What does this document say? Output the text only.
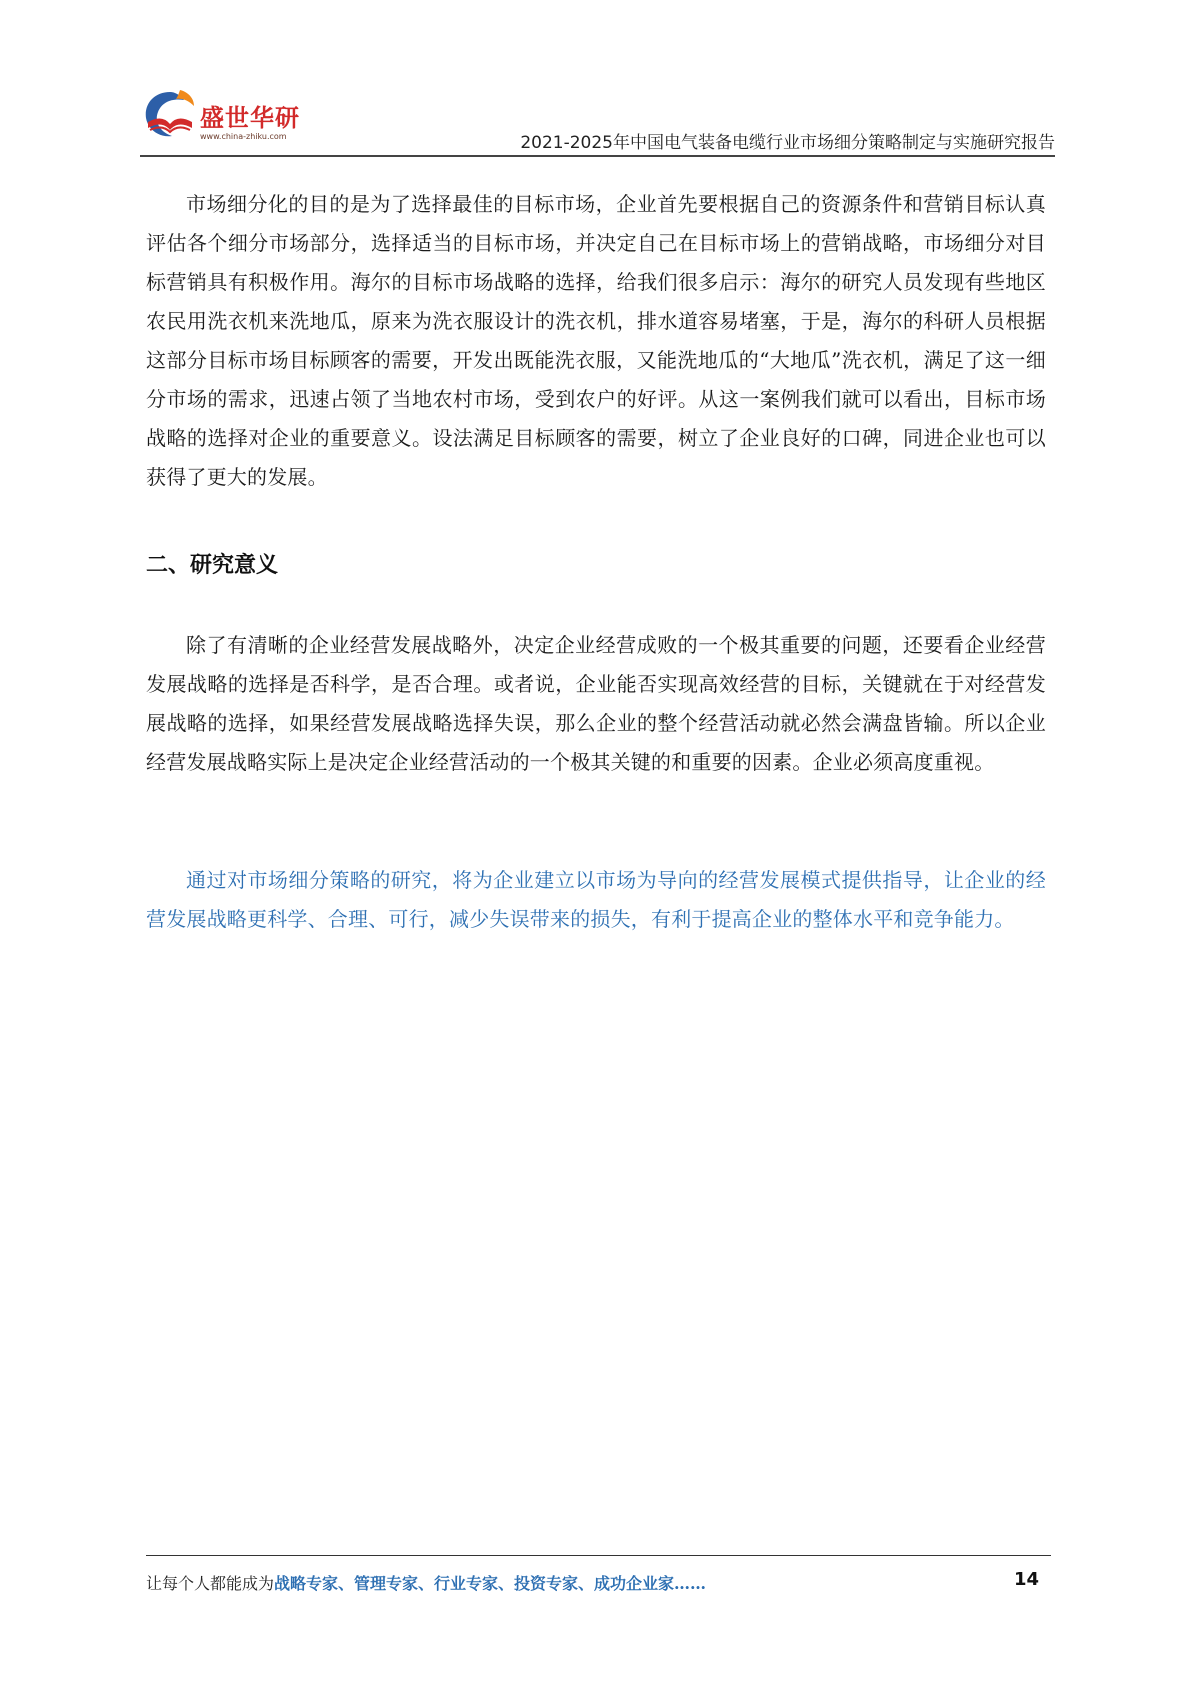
盛世华研
www.china-zhiku.com	2021-2025年中国电气装备电缆行业市场细分策略制定与实施研究报告

市场细分化的目的是为了选择最佳的目标市场，企业首先要根据自己的资源条件和营销目标认真评估各个细分市场部分，选择适当的目标市场，并决定自己在目标市场上的营销战略，市场细分对目标营销具有积极作用。海尔的目标市场战略的选择，给我们很多启示：海尔的研究人员发现有些地区农民用洗衣机来洗地瓜，原来为洗衣服设计的洗衣机，排水道容易堵塞，于是，海尔的科研人员根据这部分目标市场目标顾客的需要，开发出既能洗衣服，又能洗地瓜的“大地瓜”洗衣机，满足了这一细分市场的需求，迅速占领了当地农村市场，受到农户的好评。从这一案例我们就可以看出，目标市场战略的选择对企业的重要意义。设法满足目标顾客的需要，树立了企业良好的口碑，同进企业也可以获得了更大的发展。

二、研究意义

除了有清晰的企业经营发展战略外，决定企业经营成败的一个极其重要的问题，还要看企业经营发展战略的选择是否科学，是否合理。或者说，企业能否实现高效经营的目标，关键就在于对经营发展战略的选择，如果经营发展战略选择失误，那么企业的整个经营活动就必然会满盘皆输。所以企业经营发展战略实际上是决定企业经营活动的一个极其关键的和重要的因素。企业必须高度重视。

通过对市场细分策略的研究，将为企业建立以市场为导向的经营发展模式提供指导，让企业的经营发展战略更科学、合理、可行，减少失误带来的损失，有利于提高企业的整体水平和竞争能力。

让每个人都能成为战略专家、管理专家、行业专家、投资专家、成功企业家……	14
